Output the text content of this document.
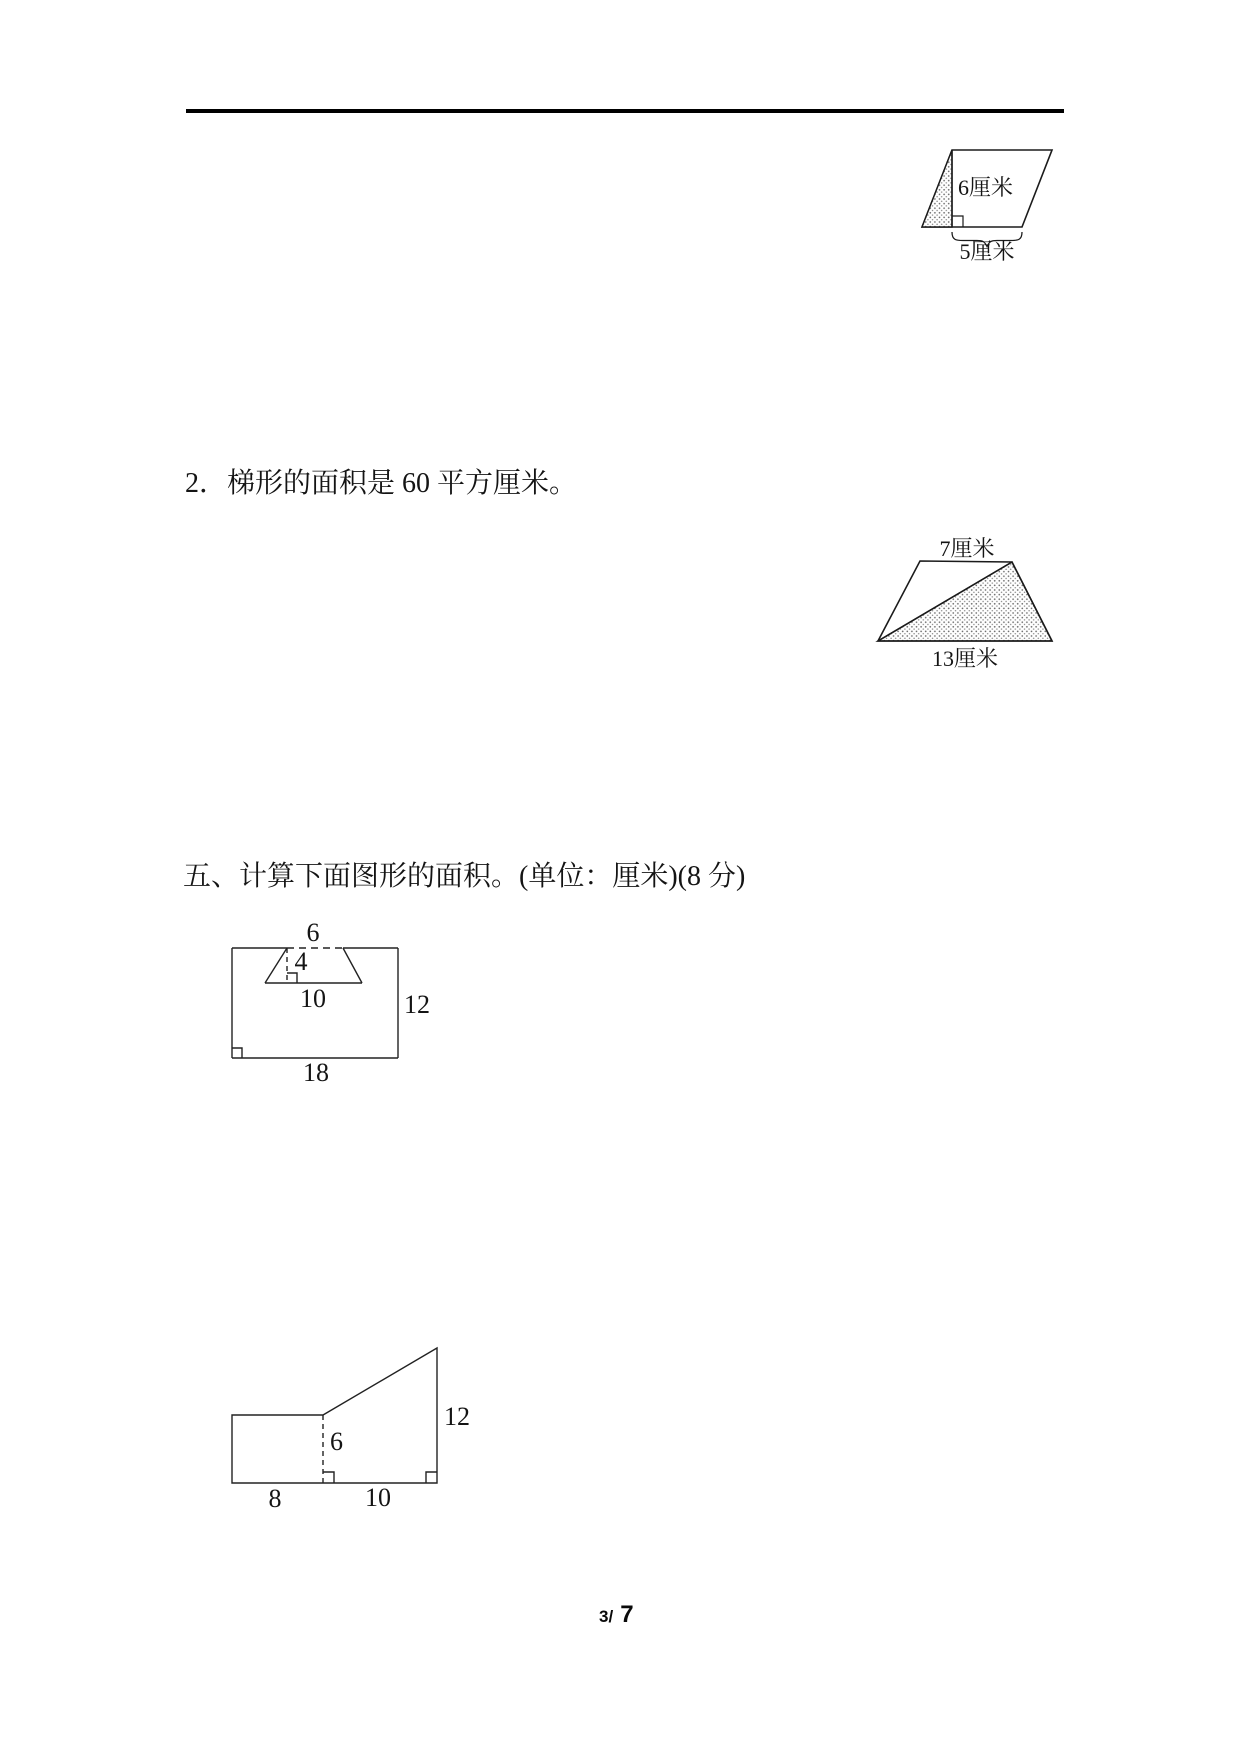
6厘米
5厘米
2．梯形的面积是 60 平方厘米。
7厘米
13厘米
五、计算下面图形的面积。(单位：厘米)(8 分)
6
4
10	12
18
8	10
6
12
3/ 7
